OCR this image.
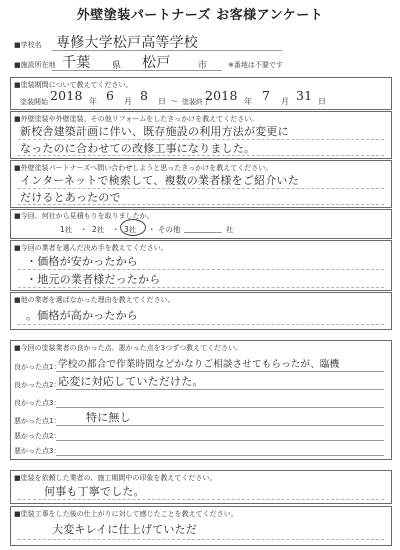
外壁塗装パートナーズ お客様アンケート
■学校名 専修大学松戸高等学校
■施設所在地 千葉 県 松戸	市	※番地は不要です
■塗装期間について教えてください。
塗装開始 2018 年 6 月 8 日 ～ 塗装終了
2018 年 7 月 31 日
■外壁塗装や外壁塗装、その他リフォームをしたきっかけを教えてください。
新校舎建築計画に伴い、既存施設の利用方法が変更に
なったのに合わせての改修工事になりました。
■外壁塗装パートナーズへ問い合わせしようと思ったきっかけを教えてください。
インターネットで検索して、複数の業者様をご紹介いた
だけるとあったので
■今回、何社から見積もりを取りましたか。
1社 ・ 2社 ・ 3社 ・ その他	社
■今回の業者を選んだ決め手を教えてください。
・価格が安かったから
・地元の業者様だったから
■他の業者を選ばなかった理由を教えてください。
。価格が高かったから
■今回の塗装業者の良かった点、悪かった点を3つずつ教えてください。
良かった点1：
学校の都合で作業時間などかなりご相談させてもらったが、臨機
良かった点2：
応変に対応していただけた。
良かった点3：
悪かった点1： 特に無し
悪かった点2：
悪かった点3：
■塗装を依頼した業者の、施工期間中の印象を教えてください。
何事も丁寧でした。
■塗装工事をした後の仕上がりに対して感じたことを教えてください。
大変キレイに仕上げていただ
